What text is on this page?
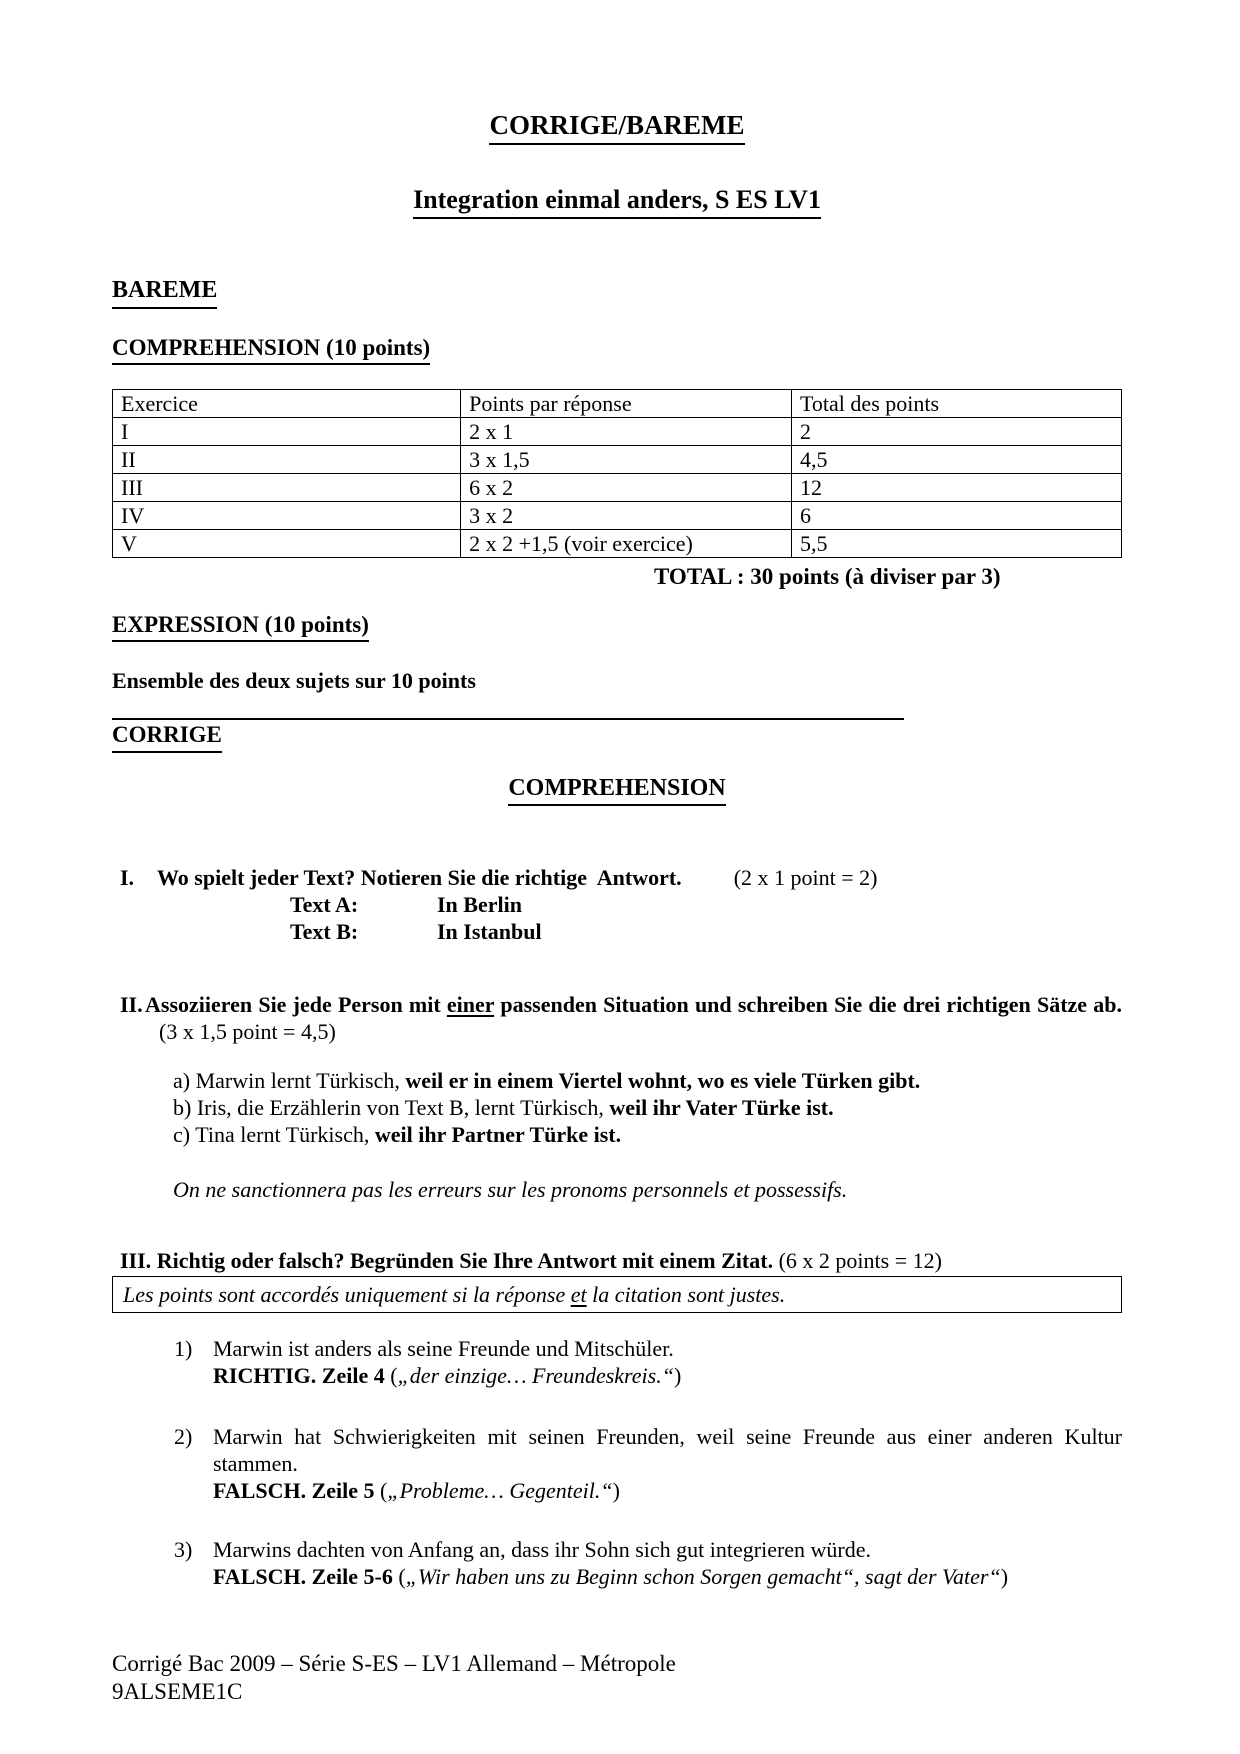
CORRIGE/BAREME
Integration einmal anders, S ES LV1
BAREME
COMPREHENSION (10 points)
Exercice	Points par réponse	Total des points
I	2 x 1	2
II	3 x 1,5	4,5
III	6 x 2	12
IV	3 x 2	6
V	2 x 2 +1,5 (voir exercice)	5,5
TOTAL : 30 points (à diviser par 3)
EXPRESSION (10 points)
Ensemble des deux sujets sur 10 points
CORRIGE
COMPREHENSION
I. Wo spielt jeder Text? Notieren Sie die richtige  Antwort. (2 x 1 point = 2)
Text A:	In Berlin
Text B:	In Istanbul
II. Assoziieren Sie jede Person mit einer passenden Situation und schreiben Sie die drei richtigen Sätze ab.(3 x 1,5 point = 4,5)
a) Marwin lernt Türkisch, weil er in einem Viertel wohnt, wo es viele Türken gibt.
b) Iris, die Erzählerin von Text B, lernt Türkisch, weil ihr Vater Türke ist.
c) Tina lernt Türkisch, weil ihr Partner Türke ist.
On ne sanctionnera pas les erreurs sur les pronoms personnels et possessifs.
III. Richtig oder falsch? Begründen Sie Ihre Antwort mit einem Zitat. (6 x 2 points = 12)
Les points sont accordés uniquement si la réponse et la citation sont justes.
1) Marwin ist anders als seine Freunde und Mitschüler.
RICHTIG. Zeile 4 („der einzige… Freundeskreis.“)
2) Marwin hat Schwierigkeiten mit seinen Freunden, weil seine Freunde aus einer anderen Kultur stammen.
FALSCH. Zeile 5 („Probleme… Gegenteil.“)
3) Marwins dachten von Anfang an, dass ihr Sohn sich gut integrieren würde.
FALSCH. Zeile 5-6 („Wir haben uns zu Beginn schon Sorgen gemacht“, sagt der Vater“)
Corrigé Bac 2009 – Série S-ES – LV1 Allemand – Métropole
9ALSEME1C
